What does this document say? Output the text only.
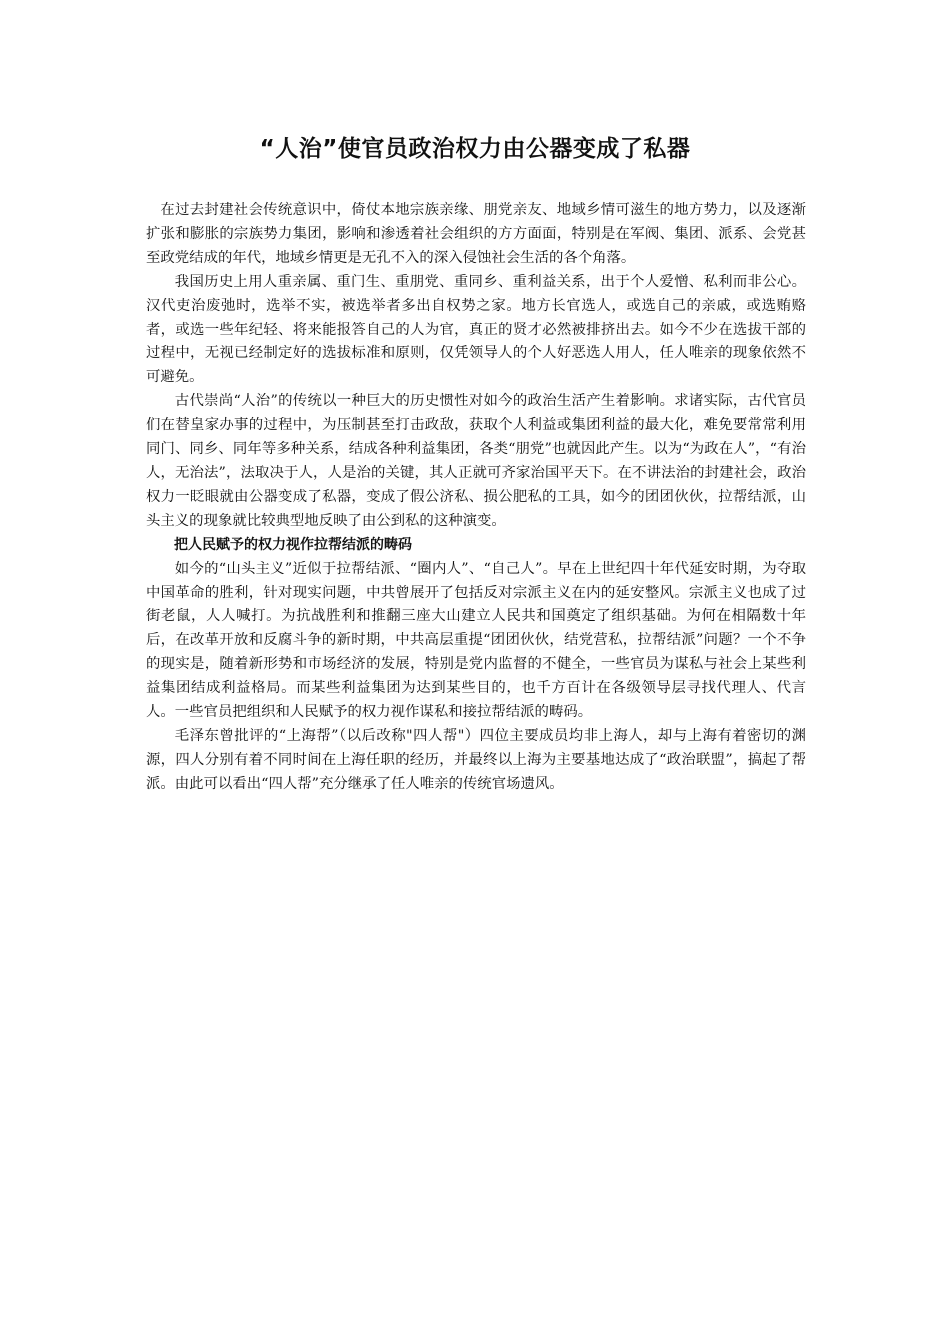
“人治”使官员政治权力由公器变成了私器

在过去封建社会传统意识中，倚仗本地宗族亲缘、朋党亲友、地域乡情可滋生的地方势力，以及逐渐扩张和膨胀的宗族势力集团，影响和渗透着社会组织的方方面面，特别是在军阀、集团、派系、会党甚至政党结成的年代，地域乡情更是无孔不入的深入侵蚀社会生活的各个角落。

我国历史上用人重亲属、重门生、重朋党、重同乡、重利益关系，出于个人爱憎、私利而非公心。汉代吏治废弛时，选举不实，被选举者多出自权势之家。地方长官选人，或选自己的亲戚，或选贿赂者，或选一些年纪轻、将来能报答自己的人为官，真正的贤才必然被排挤出去。如今不少在选拔干部的过程中，无视已经制定好的选拔标准和原则，仅凭领导人的个人好恶选人用人，任人唯亲的现象依然不可避免。

古代崇尚“人治”的传统以一种巨大的历史惯性对如今的政治生活产生着影响。求诸实际，古代官员们在替皇家办事的过程中，为压制甚至打击政敌，获取个人利益或集团利益的最大化，难免要常常利用同门、同乡、同年等多种关系，结成各种利益集团，各类“朋党”也就因此产生。以为“为政在人”，“有治人，无治法”，法取决于人，人是治的关键，其人正就可齐家治国平天下。在不讲法治的封建社会，政治权力一眨眼就由公器变成了私器，变成了假公济私、损公肥私的工具，如今的团团伙伙，拉帮结派，山头主义的现象就比较典型地反映了由公到私的这种演变。

把人民赋予的权力视作拉帮结派的畴码

如今的“山头主义”近似于拉帮结派、“圈内人”、“自己人”。早在上世纪四十年代延安时期，为夺取中国革命的胜利，针对现实问题，中共曾展开了包括反对宗派主义在内的延安整风。宗派主义也成了过街老鼠，人人喊打。为抗战胜利和推翻三座大山建立人民共和国奠定了组织基础。为何在相隔数十年后，在改革开放和反腐斗争的新时期，中共高层重提“团团伙伙，结党营私，拉帮结派”问题？一个不争的现实是，随着新形势和市场经济的发展，特别是党内监督的不健全，一些官员为谋私与社会上某些利益集团结成利益格局。而某些利益集团为达到某些目的，也千方百计在各级领导层寻找代理人、代言人。一些官员把组织和人民赋予的权力视作谋私和接拉帮结派的畴码。

毛泽东曾批评的“上海帮”（以后改称"四人帮"）四位主要成员均非上海人，却与上海有着密切的渊源，四人分别有着不同时间在上海任职的经历，并最终以上海为主要基地达成了“政治联盟”，搞起了帮派。由此可以看出“四人帮”充分继承了任人唯亲的传统官场遗风。
